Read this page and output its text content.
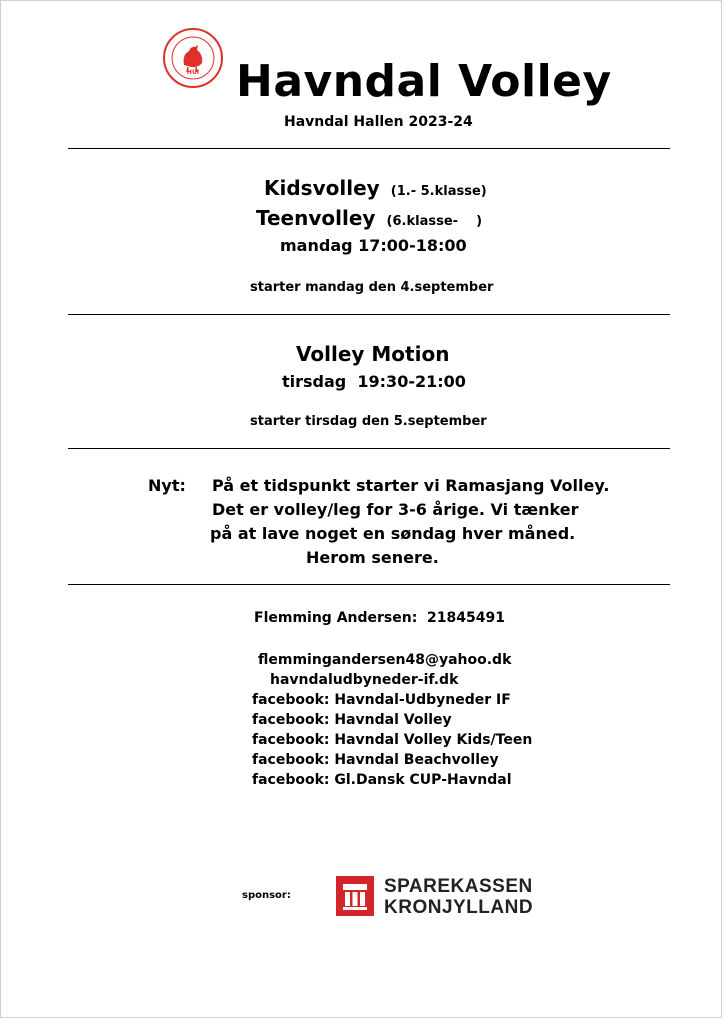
HUI Havndal Volley
Havndal Hallen 2023-24
Kidsvolley (1.- 5.klasse)
Teenvolley (6.klasse-    )
mandag 17:00-18:00
starter mandag den 4.september
Volley Motion
tirsdag  19:30-21:00
starter tirsdag den 5.september
Nyt: På et tidspunkt starter vi Ramasjang Volley.
Det er volley/leg for 3-6 årige. Vi tænker
på at lave noget en søndag hver måned.
Herom senere.
Flemming Andersen:  21845491
flemmingandersen48@yahoo.dk
havndaludbyneder-if.dk
facebook: Havndal-Udbyneder IF
facebook: Havndal Volley
facebook: Havndal Volley Kids/Teen
facebook: Havndal Beachvolley
facebook: Gl.Dansk CUP-Havndal
sponsor:	SPAREKASSEN
KRONJYLLAND
